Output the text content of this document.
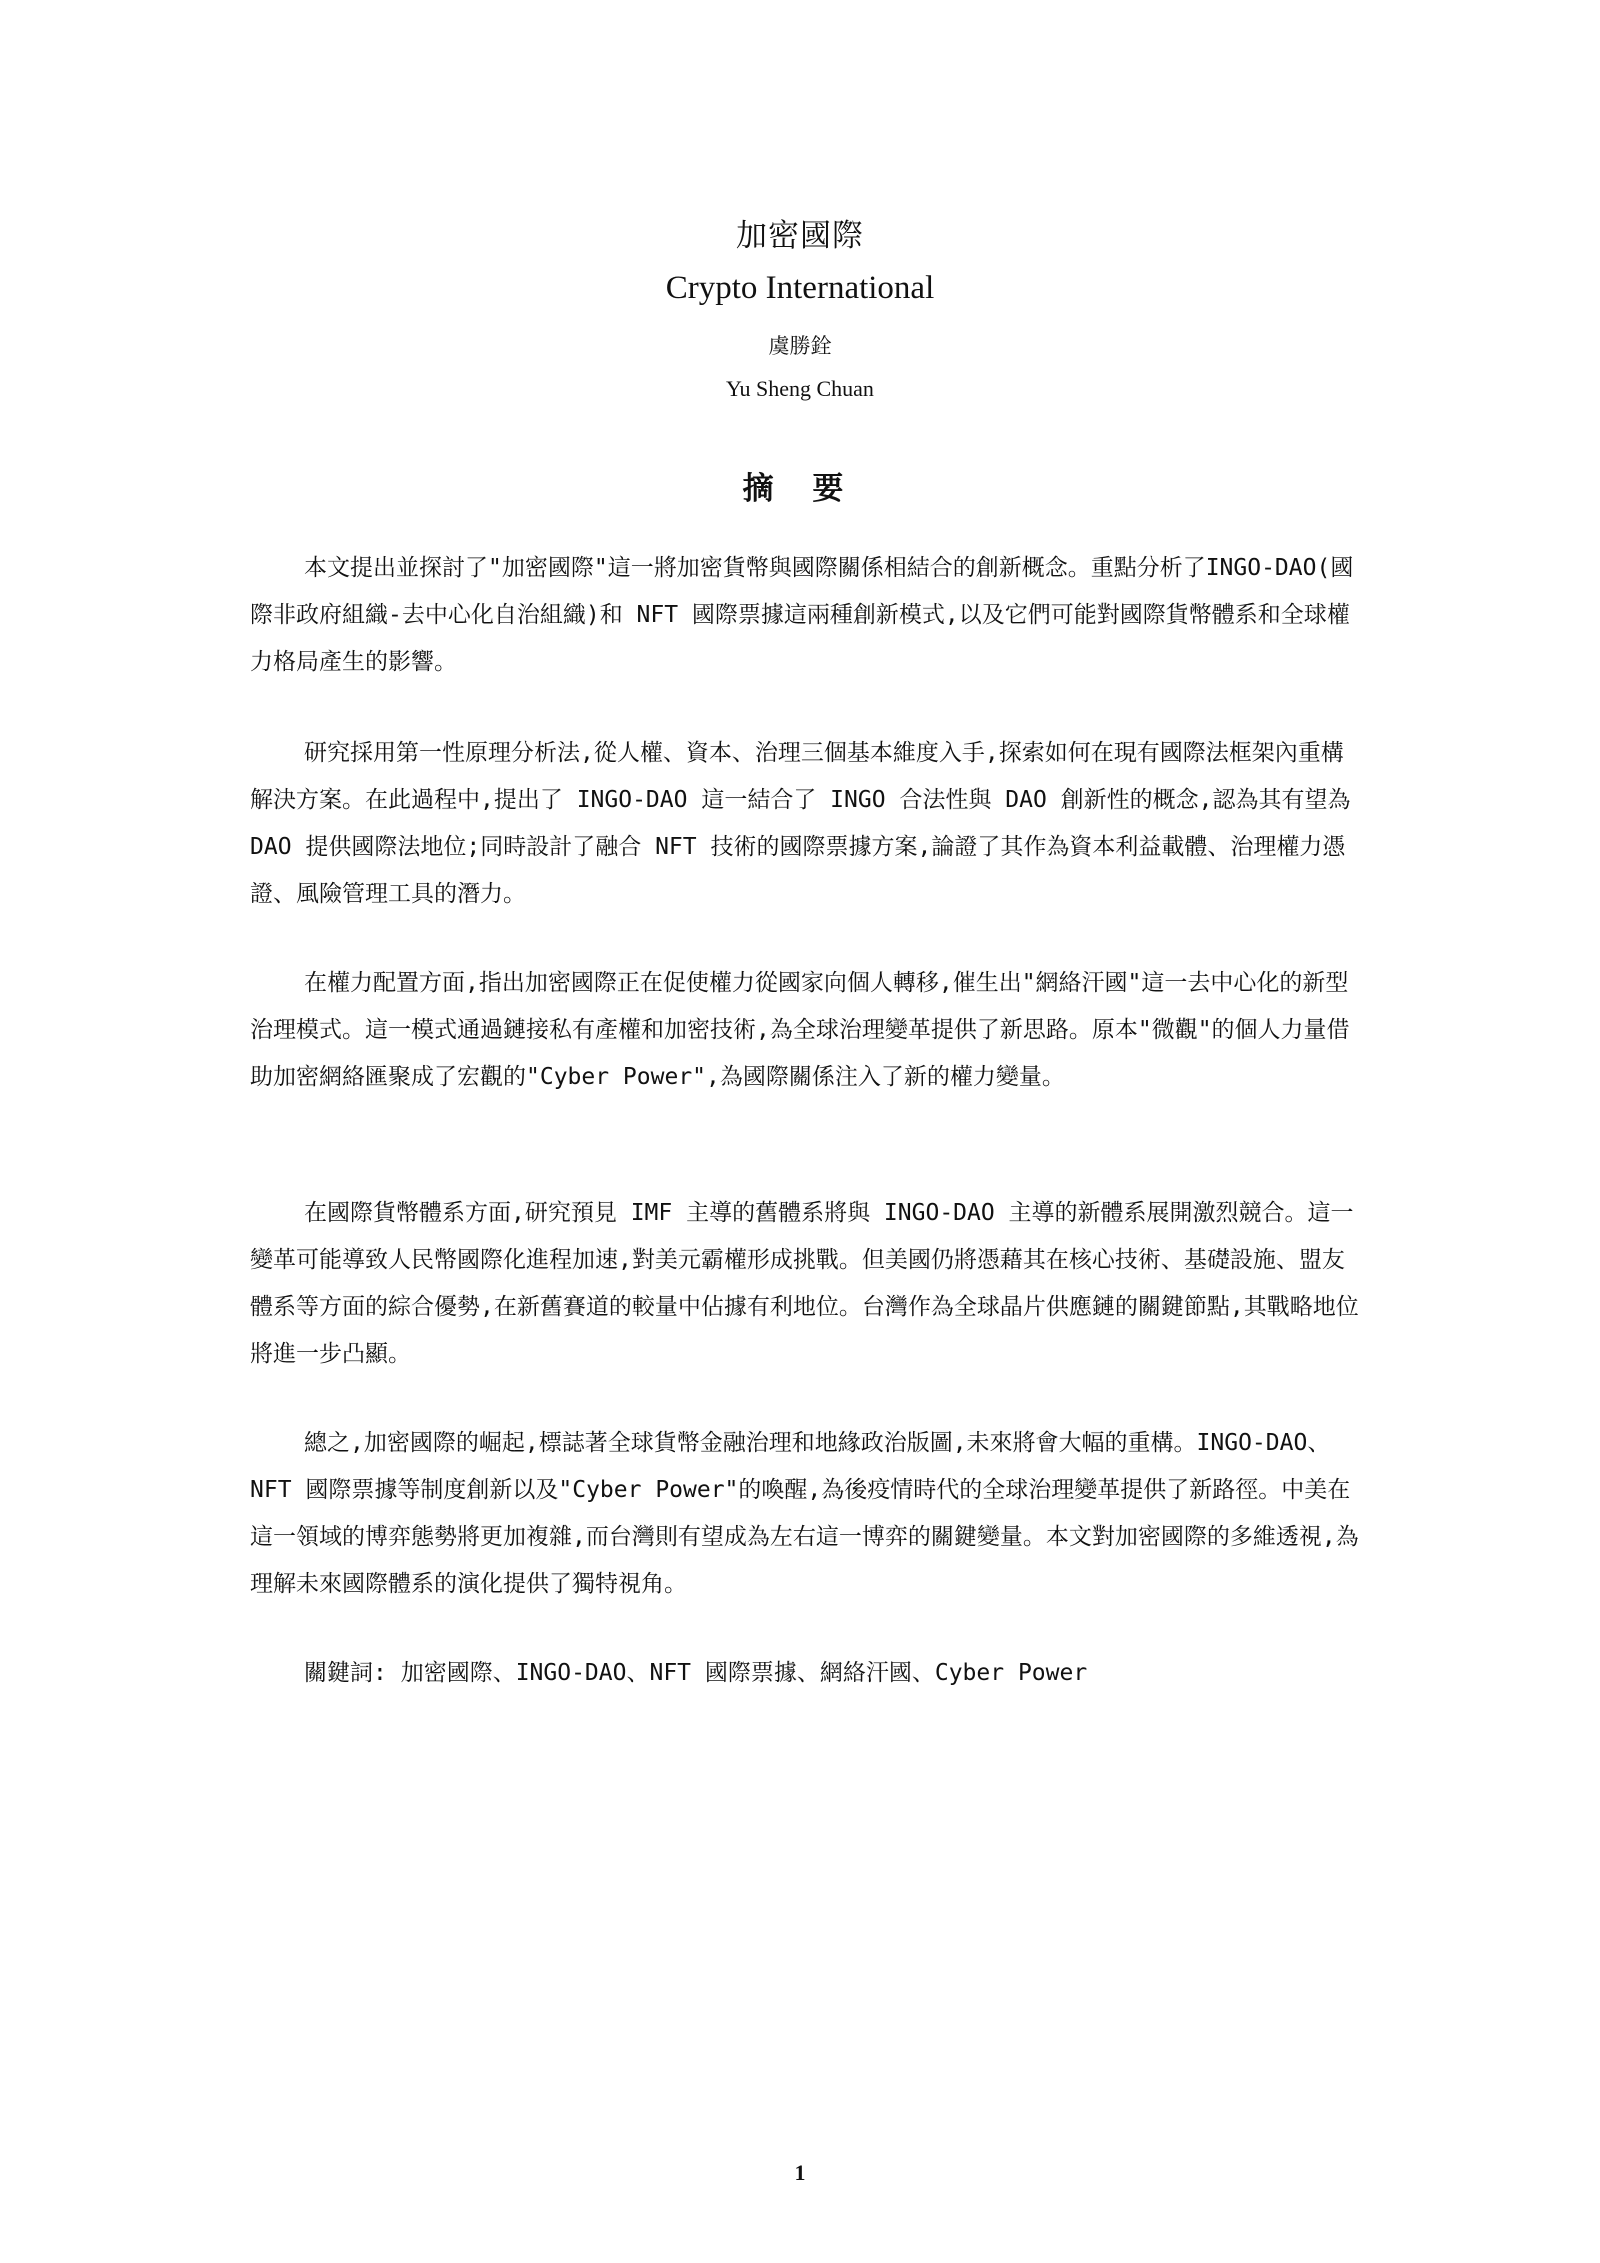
加密國際
Crypto International
虞勝銓
Yu Sheng Chuan
摘 要

本文提出並探討了"加密國際"這一將加密貨幣與國際關係相結合的創新概念。重點分析了INGO-DAO(國際非政府組織-去中心化自治組織)和 NFT 國際票據這兩種創新模式,以及它們可能對國際貨幣體系和全球權力格局產生的影響。

研究採用第一性原理分析法,從人權、資本、治理三個基本維度入手,探索如何在現有國際法框架內重構解決方案。在此過程中,提出了 INGO-DAO 這一結合了 INGO 合法性與 DAO 創新性的概念,認為其有望為 DAO 提供國際法地位;同時設計了融合 NFT 技術的國際票據方案,論證了其作為資本利益載體、治理權力憑證、風險管理工具的潛力。

在權力配置方面,指出加密國際正在促使權力從國家向個人轉移,催生出"網絡汗國"這一去中心化的新型治理模式。這一模式通過鏈接私有產權和加密技術,為全球治理變革提供了新思路。原本"微觀"的個人力量借助加密網絡匯聚成了宏觀的"Cyber Power",為國際關係注入了新的權力變量。

在國際貨幣體系方面,研究預見 IMF 主導的舊體系將與 INGO-DAO 主導的新體系展開激烈競合。這一變革可能導致人民幣國際化進程加速,對美元霸權形成挑戰。但美國仍將憑藉其在核心技術、基礎設施、盟友體系等方面的綜合優勢,在新舊賽道的較量中佔據有利地位。台灣作為全球晶片供應鏈的關鍵節點,其戰略地位將進一步凸顯。

總之,加密國際的崛起,標誌著全球貨幣金融治理和地緣政治版圖,未來將會大幅的重構。INGO-DAO、NFT 國際票據等制度創新以及"Cyber Power"的喚醒,為後疫情時代的全球治理變革提供了新路徑。中美在這一領域的博弈態勢將更加複雜,而台灣則有望成為左右這一博弈的關鍵變量。本文對加密國際的多維透視,為理解未來國際體系的演化提供了獨特視角。

關鍵詞: 加密國際、INGO-DAO、NFT 國際票據、網絡汗國、Cyber Power
1
